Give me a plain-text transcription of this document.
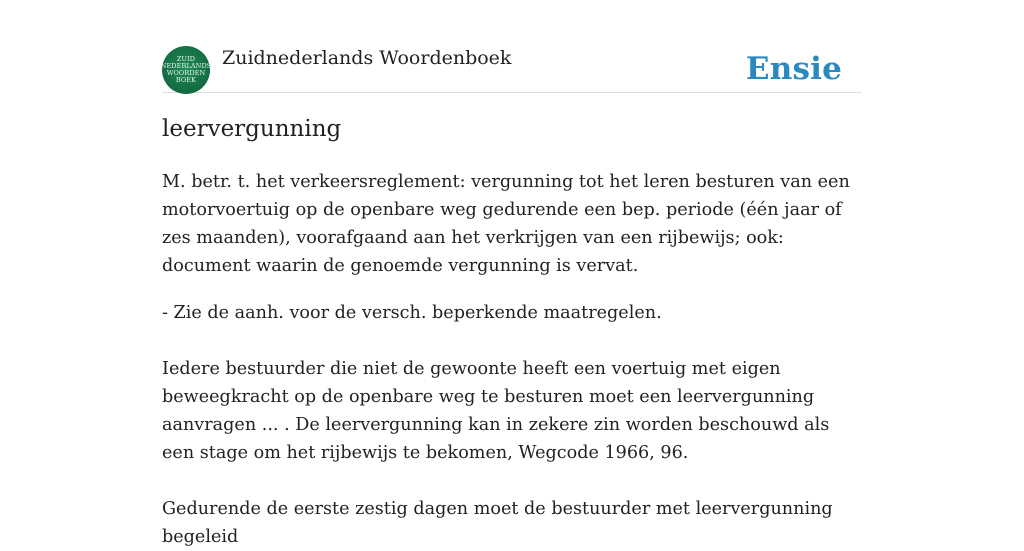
ZUID
NEDERLANDS
WOORDEN
BOEK
Zuidnederlands Woordenboek	Ensie
leervergunning

M. betr. t. het verkeersreglement: vergunning tot het leren besturen van een motorvoertuig op de openbare weg gedurende een bep. periode (één jaar of zes maanden), voorafgaand aan het verkrijgen van een rijbewijs; ook: document waarin de genoemde vergunning is vervat.

- Zie de aanh. voor de versch. beperkende maatregelen.

Iedere bestuurder die niet de gewoonte heeft een voertuig met eigen beweegkracht op de openbare weg te besturen moet een leervergunning aanvragen ... . De leervergunning kan in zekere zin worden beschouwd als een stage om het rijbewijs te bekomen, Wegcode 1966, 96.

Gedurende de eerste zestig dagen moet de bestuurder met leervergunning begeleid
